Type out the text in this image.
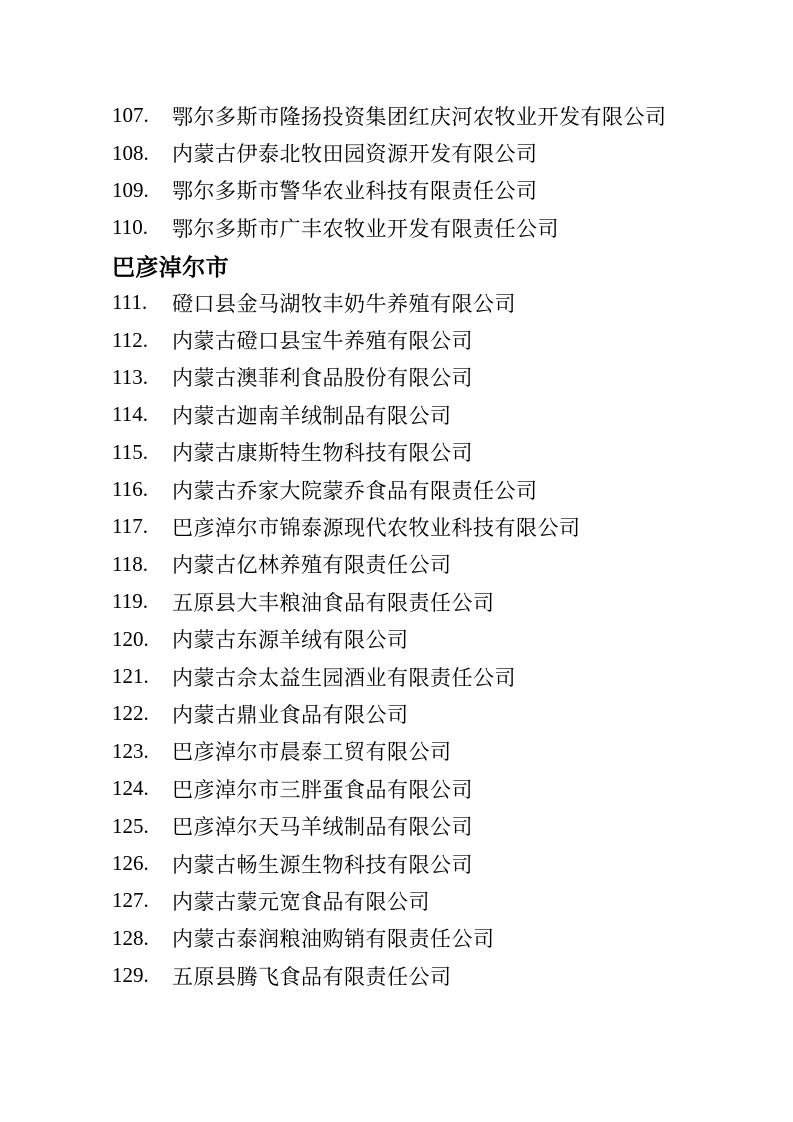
107.	鄂尔多斯市隆扬投资集团红庆河农牧业开发有限公司
108.	内蒙古伊泰北牧田园资源开发有限公司
109.	鄂尔多斯市警华农业科技有限责任公司
110.	鄂尔多斯市广丰农牧业开发有限责任公司
巴彦淖尔市
111.	磴口县金马湖牧丰奶牛养殖有限公司
112.	内蒙古磴口县宝牛养殖有限公司
113.	内蒙古澳菲利食品股份有限公司
114.	内蒙古迦南羊绒制品有限公司
115.	内蒙古康斯特生物科技有限公司
116.	内蒙古乔家大院蒙乔食品有限责任公司
117.	巴彦淖尔市锦泰源现代农牧业科技有限公司
118.	内蒙古亿林养殖有限责任公司
119.	五原县大丰粮油食品有限责任公司
120.	内蒙古东源羊绒有限公司
121.	内蒙古佘太益生园酒业有限责任公司
122.	内蒙古鼎业食品有限公司
123.	巴彦淖尔市晨泰工贸有限公司
124.	巴彦淖尔市三胖蛋食品有限公司
125.	巴彦淖尔天马羊绒制品有限公司
126.	内蒙古畅生源生物科技有限公司
127.	内蒙古蒙元宽食品有限公司
128.	内蒙古泰润粮油购销有限责任公司
129.	五原县腾飞食品有限责任公司
